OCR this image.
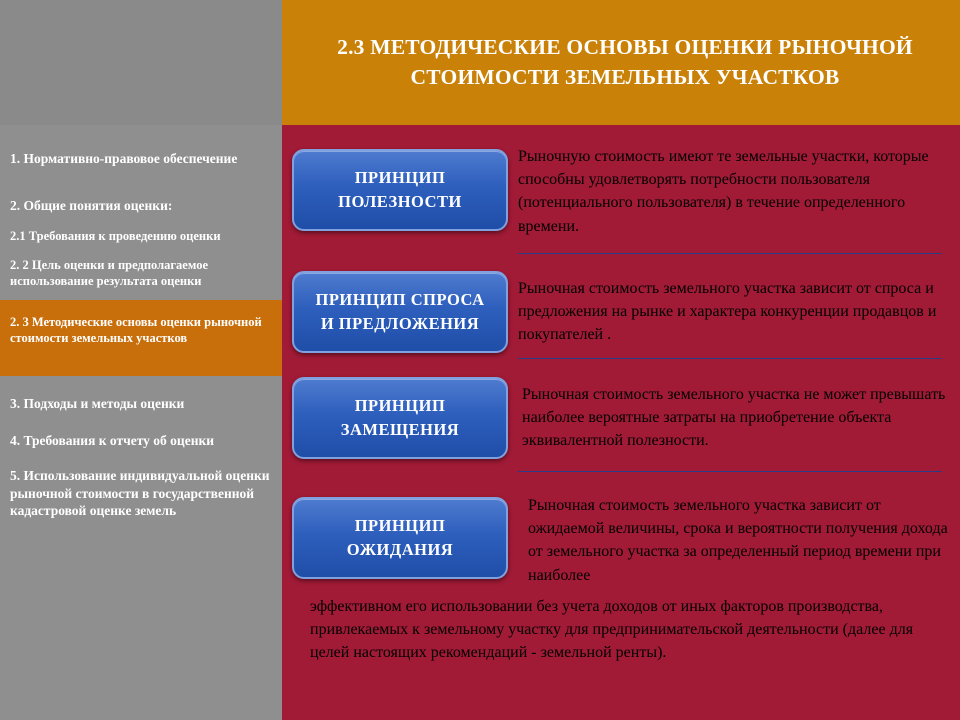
1. Нормативно-правовое обеспечение
2. Общие понятия оценки:
2.1 Требования к проведению оценки
2. 2 Цель оценки и предполагаемое использование результата оценки
2. 3 Методические основы оценки рыночной стоимости земельных участков
3. Подходы и методы оценки
4. Требования к отчету об оценки
5. Использование индивидуальной оценки рыночной стоимости в государственной кадастровой оценке земель
2.3 МЕТОДИЧЕСКИЕ ОСНОВЫ ОЦЕНКИ РЫНОЧНОЙ
СТОИМОСТИ ЗЕМЕЛЬНЫХ УЧАСТКОВ
ПРИНЦИП
ПОЛЕЗНОСТИ
Рыночную стоимость имеют те земельные участки, которые способны удовлетворять потребности пользователя (потенциального пользователя) в течение определенного времени.
ПРИНЦИП СПРОСА
И ПРЕДЛОЖЕНИЯ
Рыночная стоимость земельного участка зависит от спроса и предложения на рынке и характера конкуренции продавцов и покупателей .
ПРИНЦИП
ЗАМЕЩЕНИЯ
Рыночная стоимость земельного участка не может превышать наиболее вероятные затраты на приобретение объекта эквивалентной полезности.
ПРИНЦИП
ОЖИДАНИЯ
Рыночная стоимость земельного участка зависит от ожидаемой величины, срока и вероятности получения дохода от земельного участка за определенный период времени при наиболее
эффективном его использовании без учета доходов от иных факторов производства, привлекаемых к земельному участку для предпринимательской деятельности (далее для целей настоящих рекомендаций - земельной ренты).
